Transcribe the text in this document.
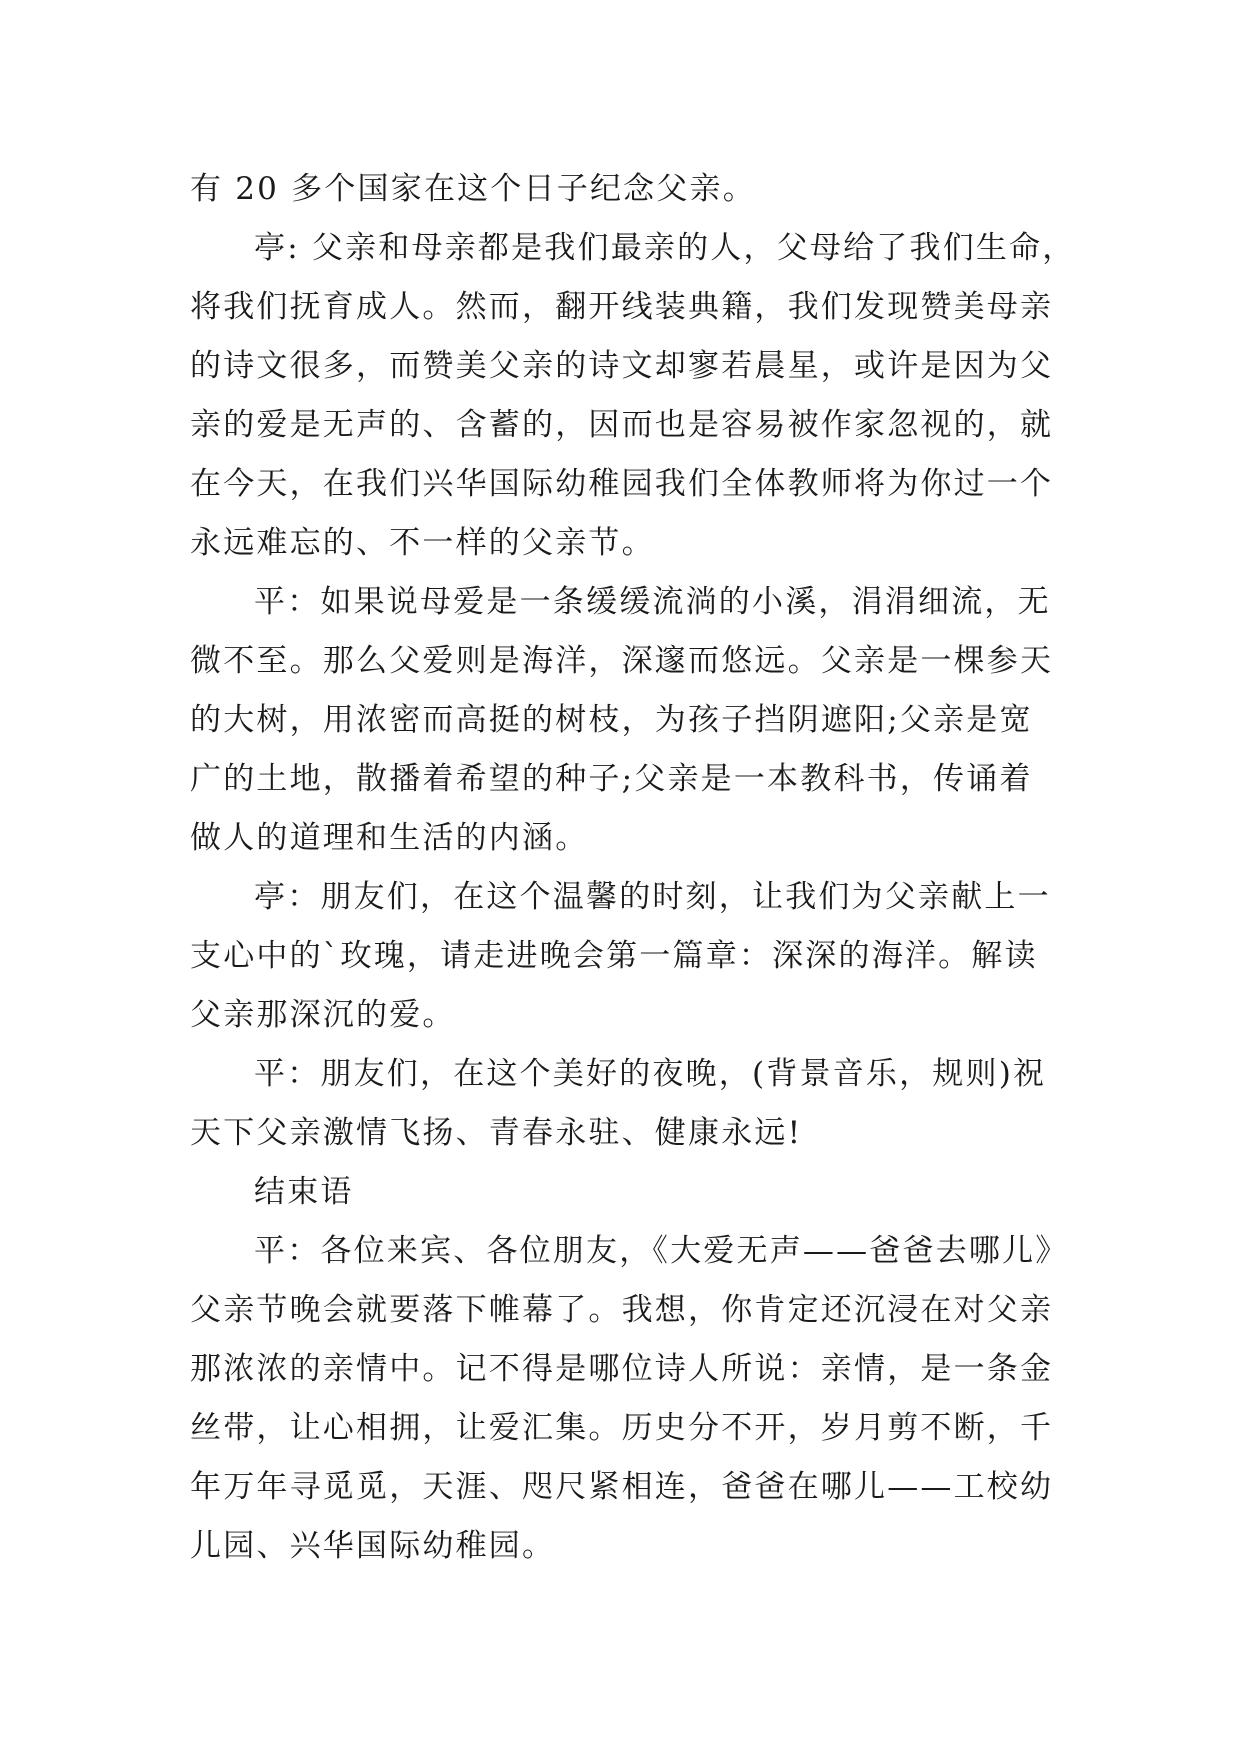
有 20 多个国家在这个日子纪念父亲。
亭: 父亲和母亲都是我们最亲的人，父母给了我们生命，
将我们抚育成人。然而，翻开线装典籍，我们发现赞美母亲
的诗文很多，而赞美父亲的诗文却寥若晨星，或许是因为父
亲的爱是无声的、含蓄的，因而也是容易被作家忽视的，就
在今天，在我们兴华国际幼稚园我们全体教师将为你过一个
永远难忘的、不一样的父亲节。
平：如果说母爱是一条缓缓流淌的小溪，涓涓细流，无
微不至。那么父爱则是海洋，深邃而悠远。父亲是一棵参天
的大树，用浓密而高挺的树枝，为孩子挡阴遮阳;父亲是宽
广的土地，散播着希望的种子;父亲是一本教科书，传诵着
做人的道理和生活的内涵。
亭：朋友们，在这个温馨的时刻，让我们为父亲献上一
支心中的`玫瑰，请走进晚会第一篇章：深深的海洋。解读
父亲那深沉的爱。
平：朋友们，在这个美好的夜晚，(背景音乐，规则)祝
天下父亲激情飞扬、青春永驻、健康永远!
结束语
平：各位来宾、各位朋友，《大爱无声——爸爸去哪儿》
父亲节晚会就要落下帷幕了。我想，你肯定还沉浸在对父亲
那浓浓的亲情中。记不得是哪位诗人所说：亲情，是一条金
丝带，让心相拥，让爱汇集。历史分不开，岁月剪不断，千
年万年寻觅觅，天涯、咫尺紧相连，爸爸在哪儿——工校幼
儿园、兴华国际幼稚园。
